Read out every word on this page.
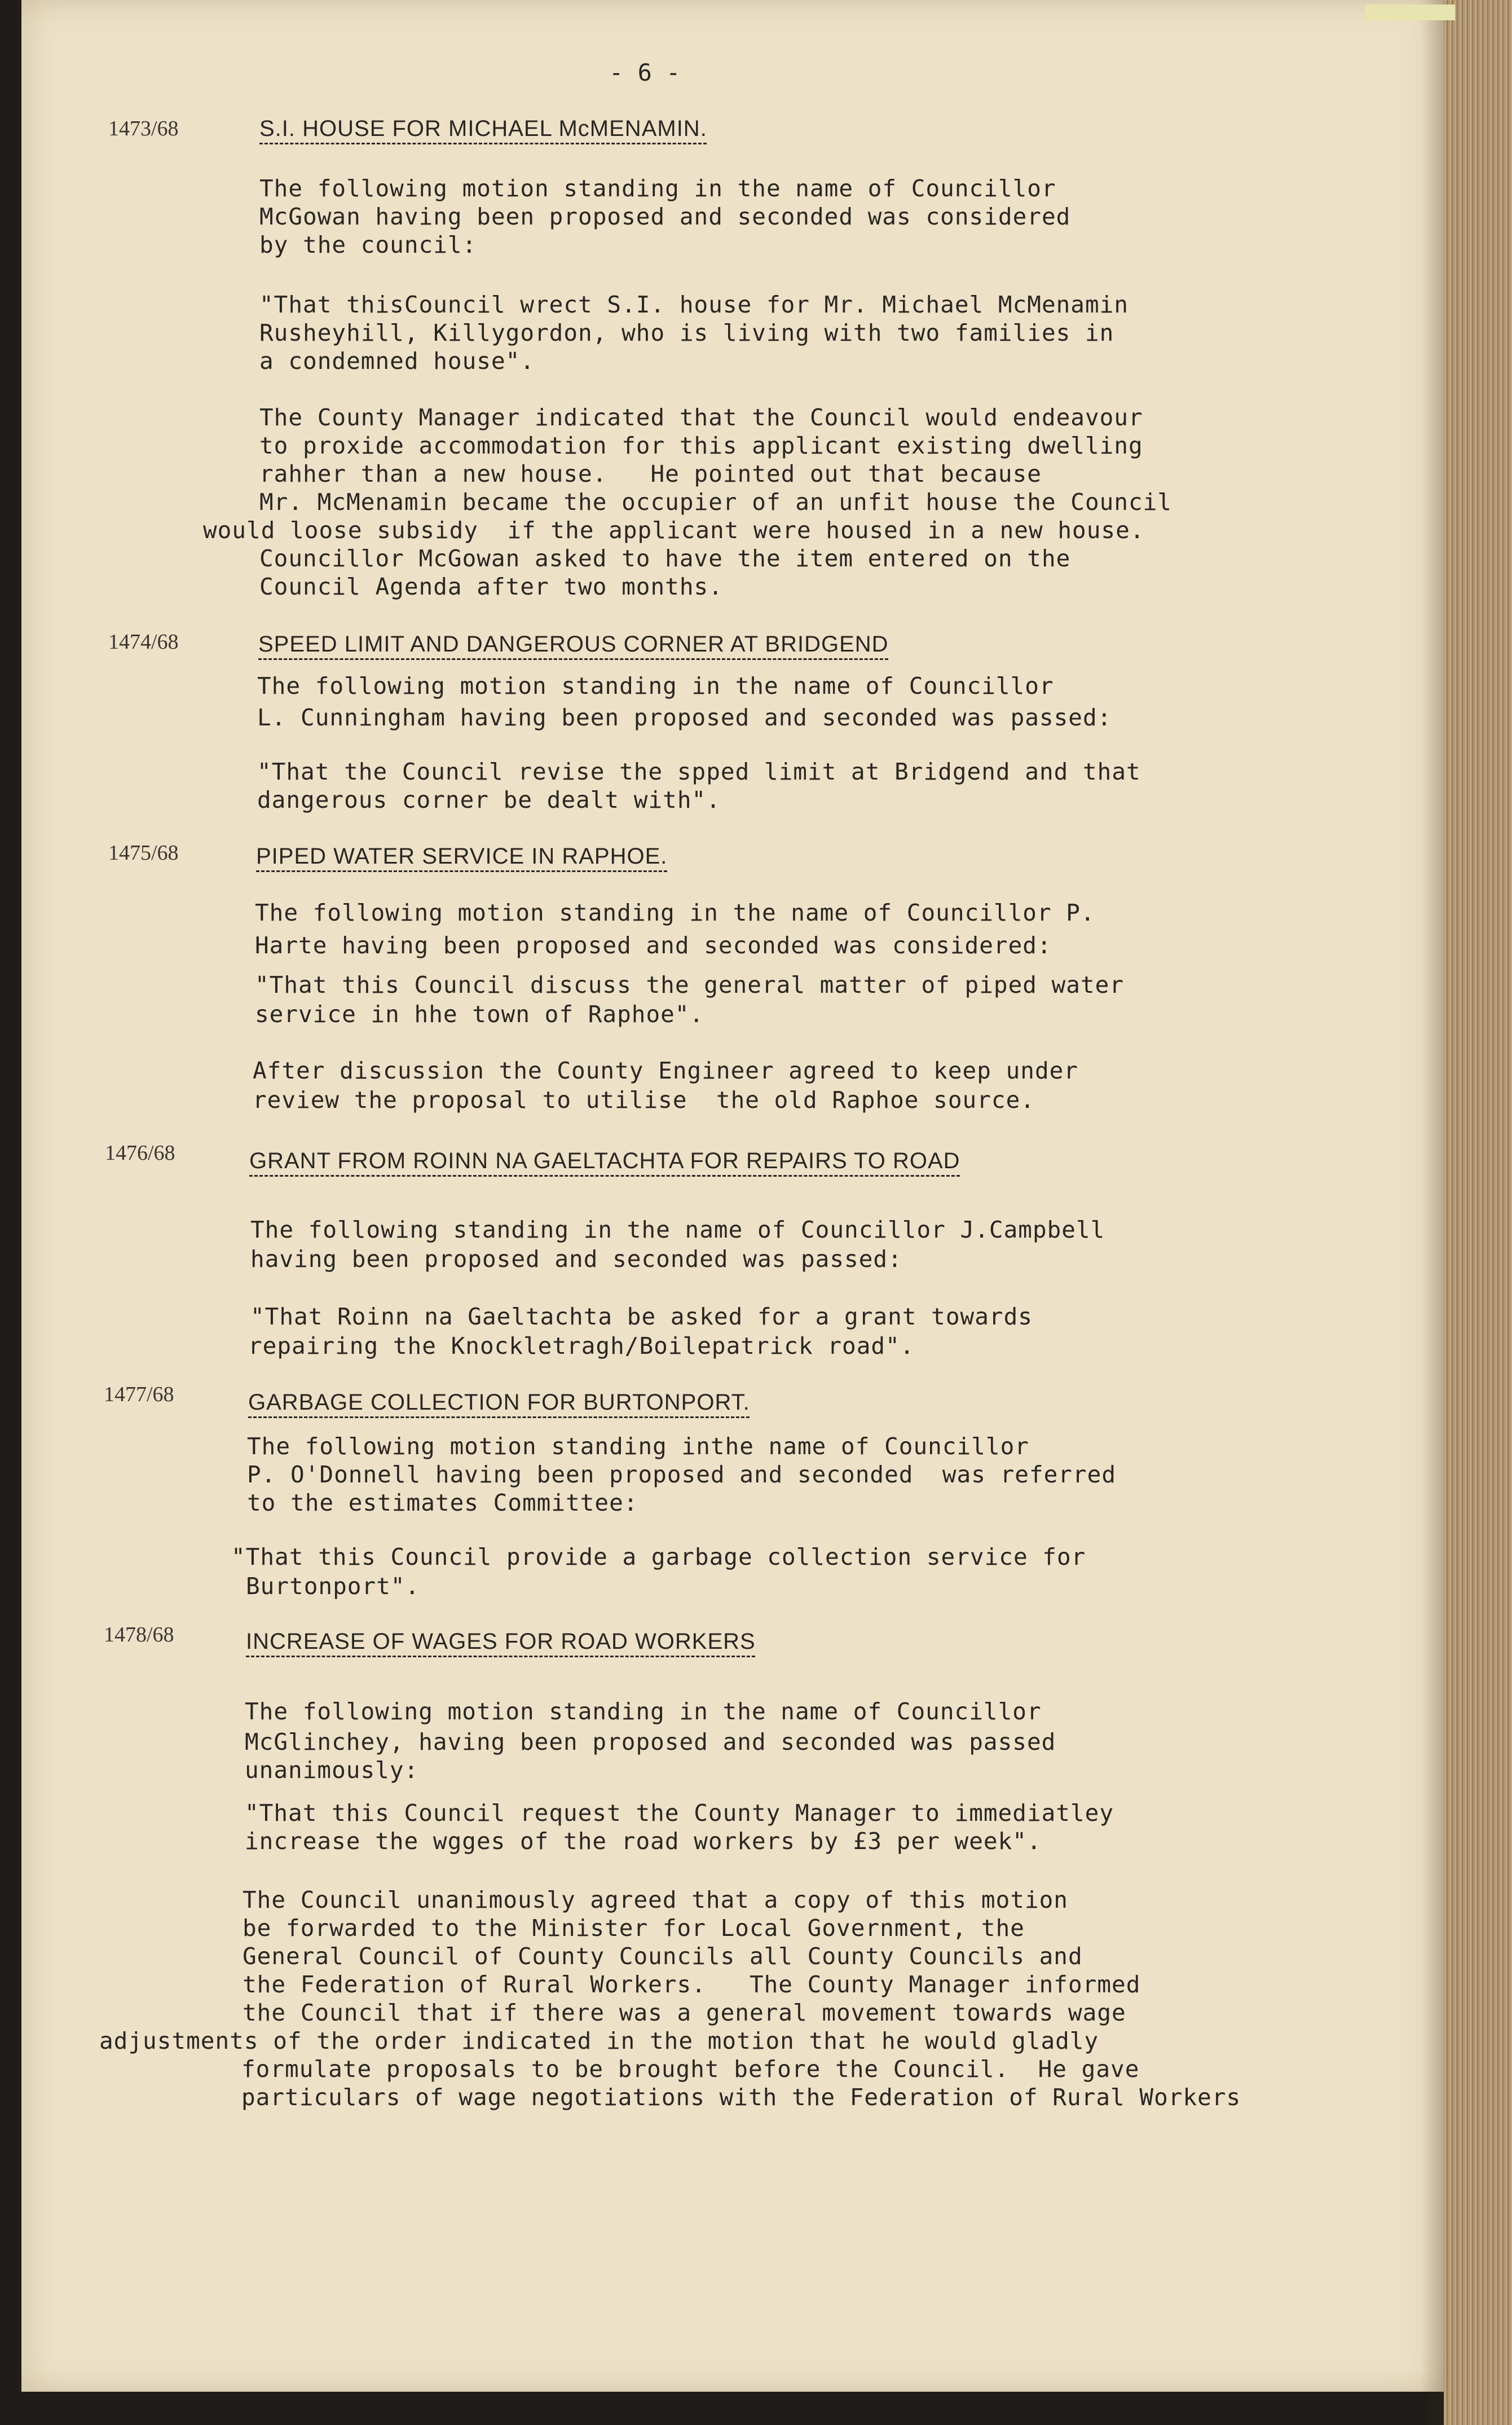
- 6 -
1473/68	S.I. HOUSE FOR MICHAEL McMENAMIN.
The following motion standing in the name of Councillor
McGowan having been proposed and seconded was considered
by the council:
"That thisCouncil wrect S.I. house for Mr. Michael McMenamin
Rusheyhill, Killygordon, who is living with two families in
a condemned house".
The County Manager indicated that the Council would endeavour
to proxide accommodation for this applicant existing dwelling
rahher than a new house.   He pointed out that because
Mr. McMenamin became the occupier of an unfit house the Council
would loose subsidy  if the applicant were housed in a new house.
Councillor McGowan asked to have the item entered on the
Council Agenda after two months.
1474/68	SPEED LIMIT AND DANGEROUS CORNER AT BRIDGEND
The following motion standing in the name of Councillor
L. Cunningham having been proposed and seconded was passed:
"That the Council revise the spped limit at Bridgend and that
dangerous corner be dealt with".
1475/68	PIPED WATER SERVICE IN RAPHOE.
The following motion standing in the name of Councillor P.
Harte having been proposed and seconded was considered:
"That this Council discuss the general matter of piped water
service in hhe town of Raphoe".
After discussion the County Engineer agreed to keep under
review the proposal to utilise  the old Raphoe source.
1476/68	GRANT FROM ROINN NA GAELTACHTA FOR REPAIRS TO ROAD
The following standing in the name of Councillor J.Campbell
having been proposed and seconded was passed:
"That Roinn na Gaeltachta be asked for a grant towards
repairing the Knockletragh/Boilepatrick road".
1477/68	GARBAGE COLLECTION FOR BURTONPORT.
The following motion standing inthe name of Councillor
P. O'Donnell having been proposed and seconded  was referred
to the estimates Committee:
"That this Council provide a garbage collection service for
Burtonport".
1478/68	INCREASE OF WAGES FOR ROAD WORKERS
The following motion standing in the name of Councillor
McGlinchey, having been proposed and seconded was passed
unanimously:
"That this Council request the County Manager to immediatley
increase the wgges of the road workers by £3 per week".
The Council unanimously agreed that a copy of this motion
be forwarded to the Minister for Local Government, the
General Council of County Councils all County Councils and
the Federation of Rural Workers.   The County Manager informed
the Council that if there was a general movement towards wage
adjustments of the order indicated in the motion that he would gladly
formulate proposals to be brought before the Council.  He gave
particulars of wage negotiations with the Federation of Rural Workers
